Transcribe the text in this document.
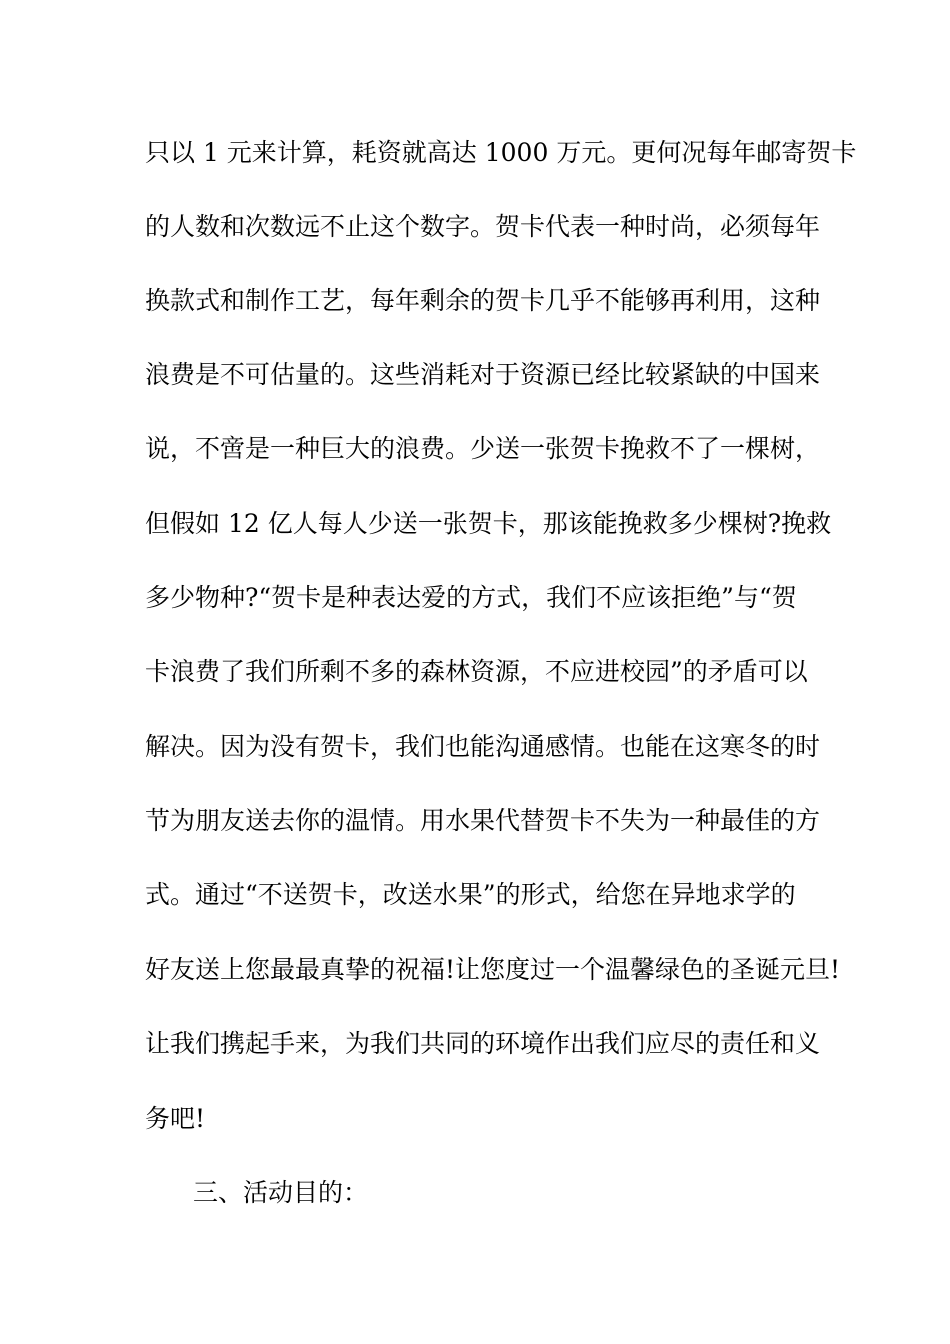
只以 1 元来计算，耗资就高达 1000 万元。更何况每年邮寄贺卡
的人数和次数远不止这个数字。贺卡代表一种时尚，必须每年
换款式和制作工艺，每年剩余的贺卡几乎不能够再利用，这种
浪费是不可估量的。这些消耗对于资源已经比较紧缺的中国来
说，不啻是一种巨大的浪费。少送一张贺卡挽救不了一棵树，
但假如 12 亿人每人少送一张贺卡，那该能挽救多少棵树?挽救
多少物种?“贺卡是种表达爱的方式，我们不应该拒绝”与“贺
卡浪费了我们所剩不多的森林资源，不应进校园”的矛盾可以
解决。因为没有贺卡，我们也能沟通感情。也能在这寒冬的时
节为朋友送去你的温情。用水果代替贺卡不失为一种最佳的方
式。通过“不送贺卡，改送水果”的形式，给您在异地求学的
好友送上您最最真挚的祝福!让您度过一个温馨绿色的圣诞元旦!
让我们携起手来，为我们共同的环境作出我们应尽的责任和义
务吧!
三、活动目的：
